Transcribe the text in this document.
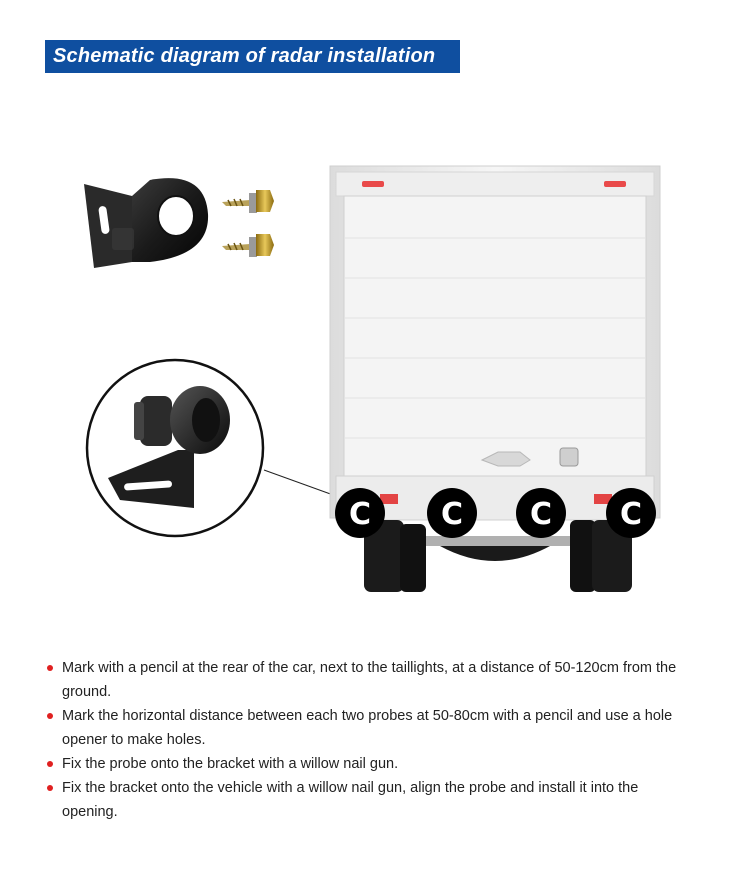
Schematic diagram of radar installation
C C C C
Mark with a pencil at the rear of the car, next to the taillights, at a distance of 50-120cm from the ground.
Mark the horizontal distance between each two probes at 50-80cm with a pencil and use a hole opener to make holes.
Fix the probe onto the bracket with a willow nail gun.
Fix the bracket onto the vehicle with a willow nail gun, align the probe and install it into the opening.
